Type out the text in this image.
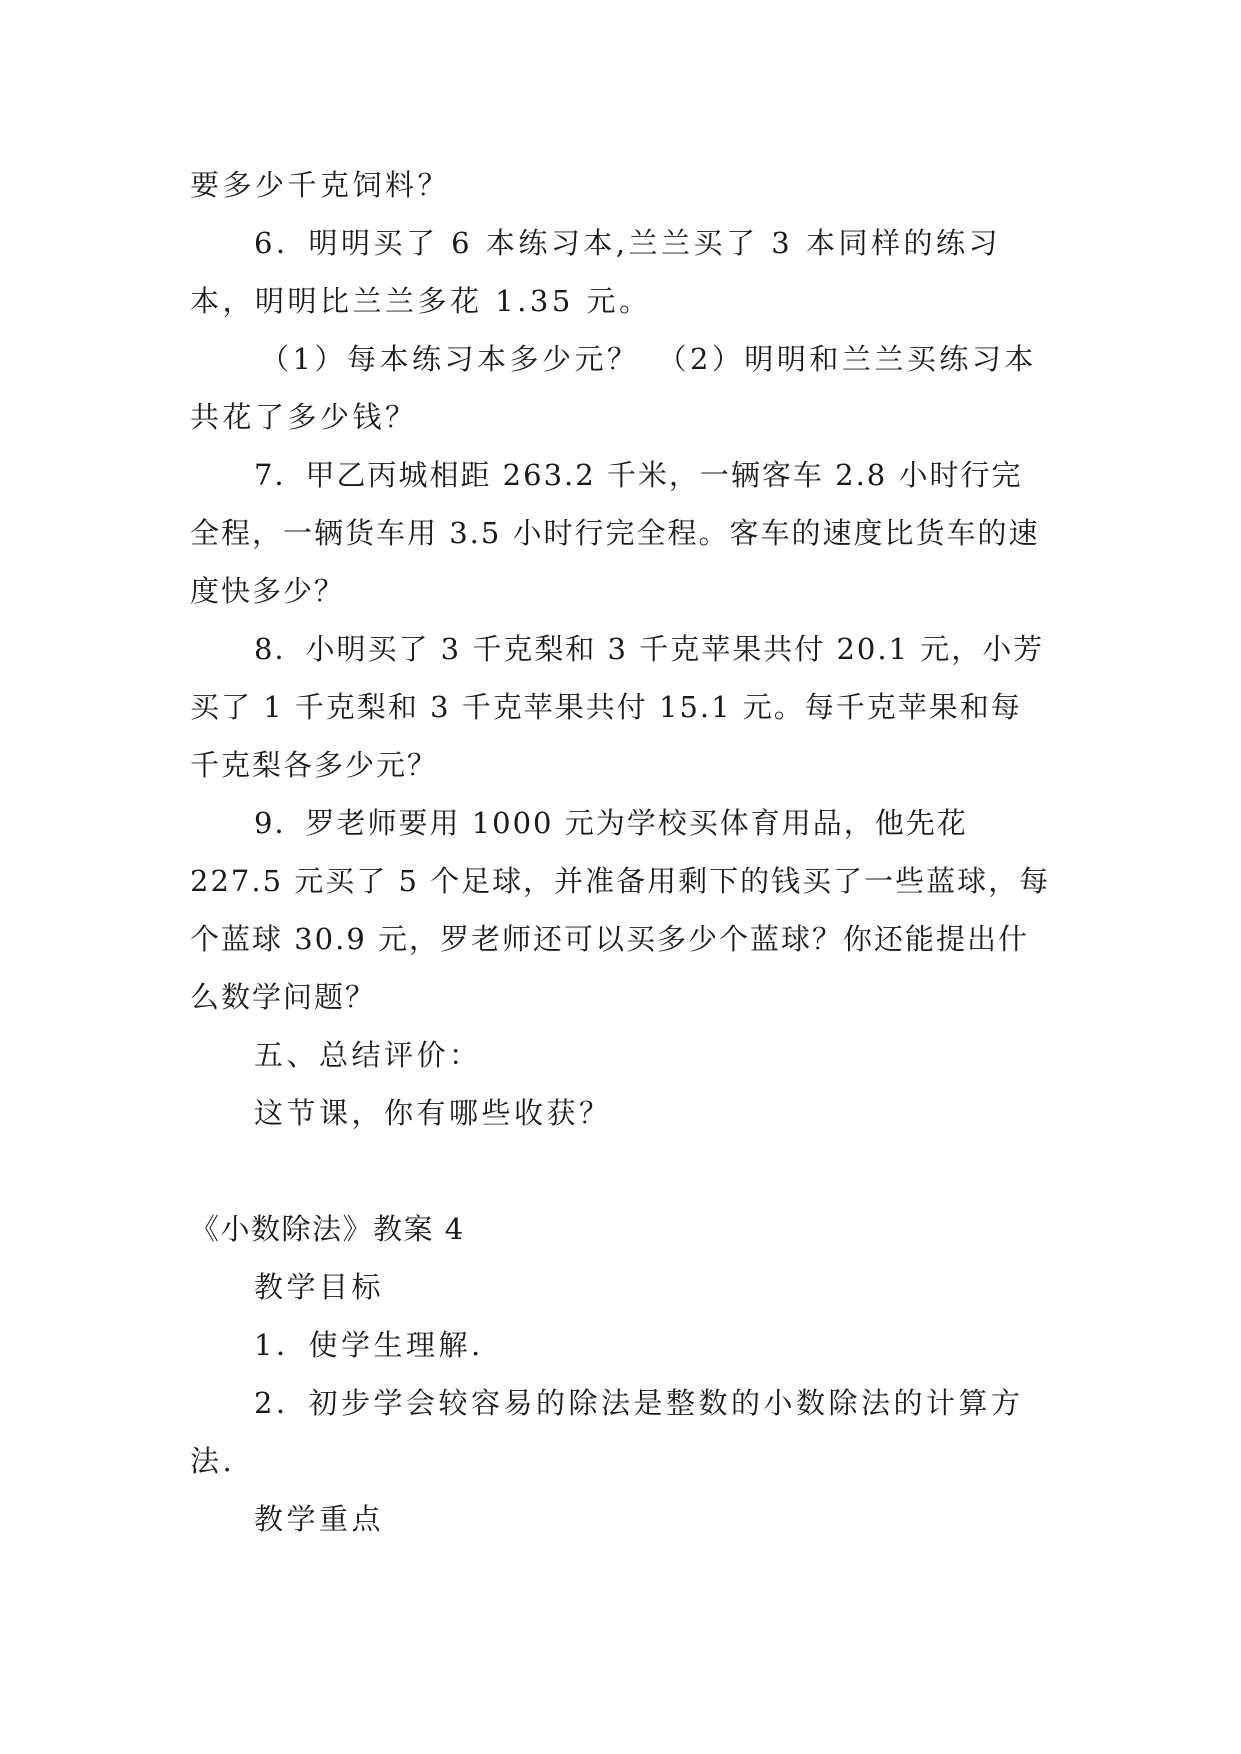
要多少千克饲料？

6．明明买了 6 本练习本,兰兰买了 3 本同样的练习本，明明比兰兰多花 1.35 元。

（1）每本练习本多少元？　（2）明明和兰兰买练习本共花了多少钱？

7．甲乙丙城相距 263.2 千米，一辆客车 2.8 小时行完全程，一辆货车用 3.5 小时行完全程。客车的速度比货车的速度快多少？

8．小明买了 3 千克梨和 3 千克苹果共付 20.1 元，小芳买了 1 千克梨和 3 千克苹果共付 15.1 元。每千克苹果和每千克梨各多少元？

9．罗老师要用 1000 元为学校买体育用品，他先花 227.5 元买了 5 个足球，并准备用剩下的钱买了一些蓝球，每个蓝球 30.9 元，罗老师还可以买多少个蓝球？你还能提出什么数学问题？

五、总结评价：

这节课，你有哪些收获？

《小数除法》教案 4

教学目标

1．使学生理解.

2．初步学会较容易的除法是整数的小数除法的计算方法.

教学重点
